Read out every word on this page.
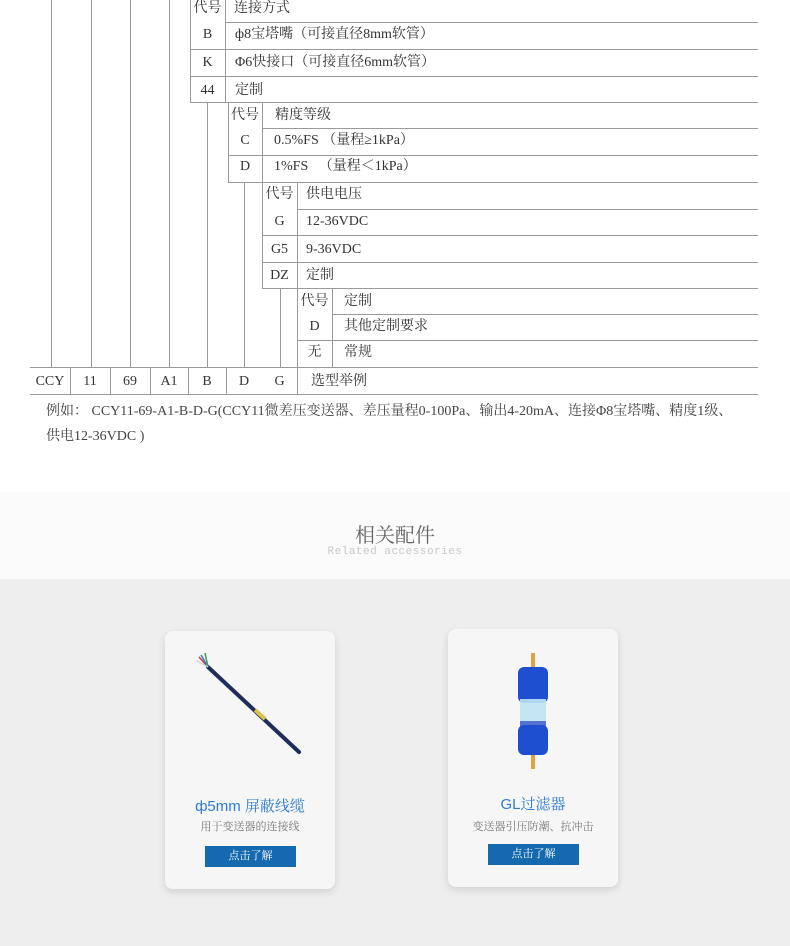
代号 连接方式
B	ф8宝塔嘴（可接直径8mm软管）
K	Φ6快接口（可接直径6mm软管）
44	定制
代号 精度等级
C	0.5%FS （量程≥1kPa）
D	1%FS   （量程＜1kPa）
代号 供电电压
G	12-36VDC
G5	9-36VDC
DZ	定制
代号 定制
D	其他定制要求
无	常规
CCY	11	69	A1	B	D	G	选型举例
例如： CCY11-69-A1-B-D-G(CCY11微差压变送器、差压量程0-100Pa、输出4-20mA、连接Φ8宝塔嘴、精度1级、供电12-36VDC )
相关配件
Related accessories
ф5mm 屏蔽线缆
用于变送器的连接线
点击了解
GL过滤器
变送器引压防潮、抗冲击
点击了解
